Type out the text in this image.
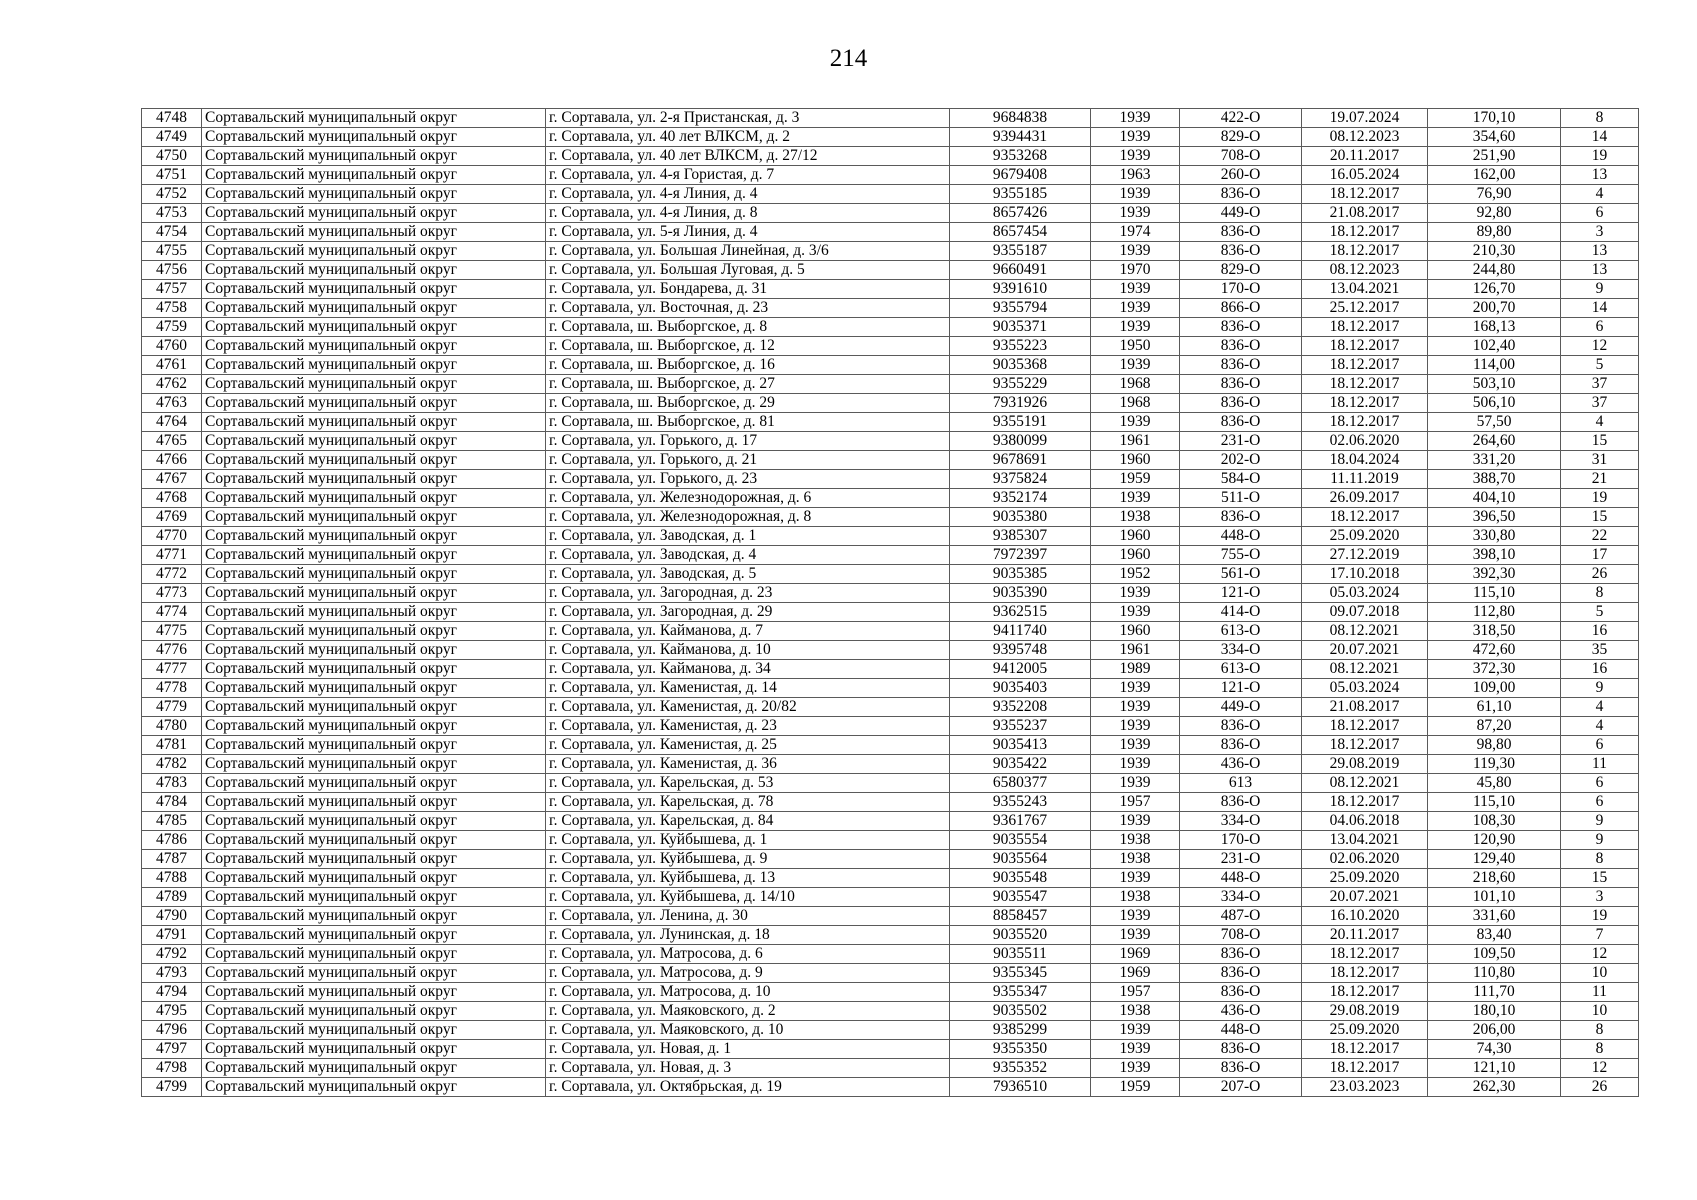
214
4748	Сортавальский муниципальный округ	г. Сортавала, ул. 2-я Пристанская, д. 3	9684838	1939	422-О	19.07.2024	170,10	8
4749	Сортавальский муниципальный округ	г. Сортавала, ул. 40 лет ВЛКСМ, д. 2	9394431	1939	829-О	08.12.2023	354,60	14
4750	Сортавальский муниципальный округ	г. Сортавала, ул. 40 лет ВЛКСМ, д. 27/12	9353268	1939	708-О	20.11.2017	251,90	19
4751	Сортавальский муниципальный округ	г. Сортавала, ул. 4-я Гористая, д. 7	9679408	1963	260-О	16.05.2024	162,00	13
4752	Сортавальский муниципальный округ	г. Сортавала, ул. 4-я Линия, д. 4	9355185	1939	836-О	18.12.2017	76,90	4
4753	Сортавальский муниципальный округ	г. Сортавала, ул. 4-я Линия, д. 8	8657426	1939	449-О	21.08.2017	92,80	6
4754	Сортавальский муниципальный округ	г. Сортавала, ул. 5-я Линия, д. 4	8657454	1974	836-О	18.12.2017	89,80	3
4755	Сортавальский муниципальный округ	г. Сортавала, ул. Большая Линейная, д. 3/6	9355187	1939	836-О	18.12.2017	210,30	13
4756	Сортавальский муниципальный округ	г. Сортавала, ул. Большая Луговая, д. 5	9660491	1970	829-О	08.12.2023	244,80	13
4757	Сортавальский муниципальный округ	г. Сортавала, ул. Бондарева, д. 31	9391610	1939	170-О	13.04.2021	126,70	9
4758	Сортавальский муниципальный округ	г. Сортавала, ул. Восточная, д. 23	9355794	1939	866-О	25.12.2017	200,70	14
4759	Сортавальский муниципальный округ	г. Сортавала, ш. Выборгское, д. 8	9035371	1939	836-О	18.12.2017	168,13	6
4760	Сортавальский муниципальный округ	г. Сортавала, ш. Выборгское, д. 12	9355223	1950	836-О	18.12.2017	102,40	12
4761	Сортавальский муниципальный округ	г. Сортавала, ш. Выборгское, д. 16	9035368	1939	836-О	18.12.2017	114,00	5
4762	Сортавальский муниципальный округ	г. Сортавала, ш. Выборгское, д. 27	9355229	1968	836-О	18.12.2017	503,10	37
4763	Сортавальский муниципальный округ	г. Сортавала, ш. Выборгское, д. 29	7931926	1968	836-О	18.12.2017	506,10	37
4764	Сортавальский муниципальный округ	г. Сортавала, ш. Выборгское, д. 81	9355191	1939	836-О	18.12.2017	57,50	4
4765	Сортавальский муниципальный округ	г. Сортавала, ул. Горького, д. 17	9380099	1961	231-О	02.06.2020	264,60	15
4766	Сортавальский муниципальный округ	г. Сортавала, ул. Горького, д. 21	9678691	1960	202-О	18.04.2024	331,20	31
4767	Сортавальский муниципальный округ	г. Сортавала, ул. Горького, д. 23	9375824	1959	584-О	11.11.2019	388,70	21
4768	Сортавальский муниципальный округ	г. Сортавала, ул. Железнодорожная, д. 6	9352174	1939	511-О	26.09.2017	404,10	19
4769	Сортавальский муниципальный округ	г. Сортавала, ул. Железнодорожная, д. 8	9035380	1938	836-О	18.12.2017	396,50	15
4770	Сортавальский муниципальный округ	г. Сортавала, ул. Заводская, д. 1	9385307	1960	448-О	25.09.2020	330,80	22
4771	Сортавальский муниципальный округ	г. Сортавала, ул. Заводская, д. 4	7972397	1960	755-О	27.12.2019	398,10	17
4772	Сортавальский муниципальный округ	г. Сортавала, ул. Заводская, д. 5	9035385	1952	561-О	17.10.2018	392,30	26
4773	Сортавальский муниципальный округ	г. Сортавала, ул. Загородная, д. 23	9035390	1939	121-О	05.03.2024	115,10	8
4774	Сортавальский муниципальный округ	г. Сортавала, ул. Загородная, д. 29	9362515	1939	414-О	09.07.2018	112,80	5
4775	Сортавальский муниципальный округ	г. Сортавала, ул. Кайманова, д. 7	9411740	1960	613-О	08.12.2021	318,50	16
4776	Сортавальский муниципальный округ	г. Сортавала, ул. Кайманова, д. 10	9395748	1961	334-О	20.07.2021	472,60	35
4777	Сортавальский муниципальный округ	г. Сортавала, ул. Кайманова, д. 34	9412005	1989	613-О	08.12.2021	372,30	16
4778	Сортавальский муниципальный округ	г. Сортавала, ул. Каменистая, д. 14	9035403	1939	121-О	05.03.2024	109,00	9
4779	Сортавальский муниципальный округ	г. Сортавала, ул. Каменистая, д. 20/82	9352208	1939	449-О	21.08.2017	61,10	4
4780	Сортавальский муниципальный округ	г. Сортавала, ул. Каменистая, д. 23	9355237	1939	836-О	18.12.2017	87,20	4
4781	Сортавальский муниципальный округ	г. Сортавала, ул. Каменистая, д. 25	9035413	1939	836-О	18.12.2017	98,80	6
4782	Сортавальский муниципальный округ	г. Сортавала, ул. Каменистая, д. 36	9035422	1939	436-О	29.08.2019	119,30	11
4783	Сортавальский муниципальный округ	г. Сортавала, ул. Карельская, д. 53	6580377	1939	613	08.12.2021	45,80	6
4784	Сортавальский муниципальный округ	г. Сортавала, ул. Карельская, д. 78	9355243	1957	836-О	18.12.2017	115,10	6
4785	Сортавальский муниципальный округ	г. Сортавала, ул. Карельская, д. 84	9361767	1939	334-О	04.06.2018	108,30	9
4786	Сортавальский муниципальный округ	г. Сортавала, ул. Куйбышева, д. 1	9035554	1938	170-О	13.04.2021	120,90	9
4787	Сортавальский муниципальный округ	г. Сортавала, ул. Куйбышева, д. 9	9035564	1938	231-О	02.06.2020	129,40	8
4788	Сортавальский муниципальный округ	г. Сортавала, ул. Куйбышева, д. 13	9035548	1939	448-О	25.09.2020	218,60	15
4789	Сортавальский муниципальный округ	г. Сортавала, ул. Куйбышева, д. 14/10	9035547	1938	334-О	20.07.2021	101,10	3
4790	Сортавальский муниципальный округ	г. Сортавала, ул. Ленина, д. 30	8858457	1939	487-О	16.10.2020	331,60	19
4791	Сортавальский муниципальный округ	г. Сортавала, ул. Лунинская, д. 18	9035520	1939	708-О	20.11.2017	83,40	7
4792	Сортавальский муниципальный округ	г. Сортавала, ул. Матросова, д. 6	9035511	1969	836-О	18.12.2017	109,50	12
4793	Сортавальский муниципальный округ	г. Сортавала, ул. Матросова, д. 9	9355345	1969	836-О	18.12.2017	110,80	10
4794	Сортавальский муниципальный округ	г. Сортавала, ул. Матросова, д. 10	9355347	1957	836-О	18.12.2017	111,70	11
4795	Сортавальский муниципальный округ	г. Сортавала, ул. Маяковского, д. 2	9035502	1938	436-О	29.08.2019	180,10	10
4796	Сортавальский муниципальный округ	г. Сортавала, ул. Маяковского, д. 10	9385299	1939	448-О	25.09.2020	206,00	8
4797	Сортавальский муниципальный округ	г. Сортавала, ул. Новая, д. 1	9355350	1939	836-О	18.12.2017	74,30	8
4798	Сортавальский муниципальный округ	г. Сортавала, ул. Новая, д. 3	9355352	1939	836-О	18.12.2017	121,10	12
4799	Сортавальский муниципальный округ	г. Сортавала, ул. Октябрьская, д. 19	7936510	1959	207-О	23.03.2023	262,30	26
